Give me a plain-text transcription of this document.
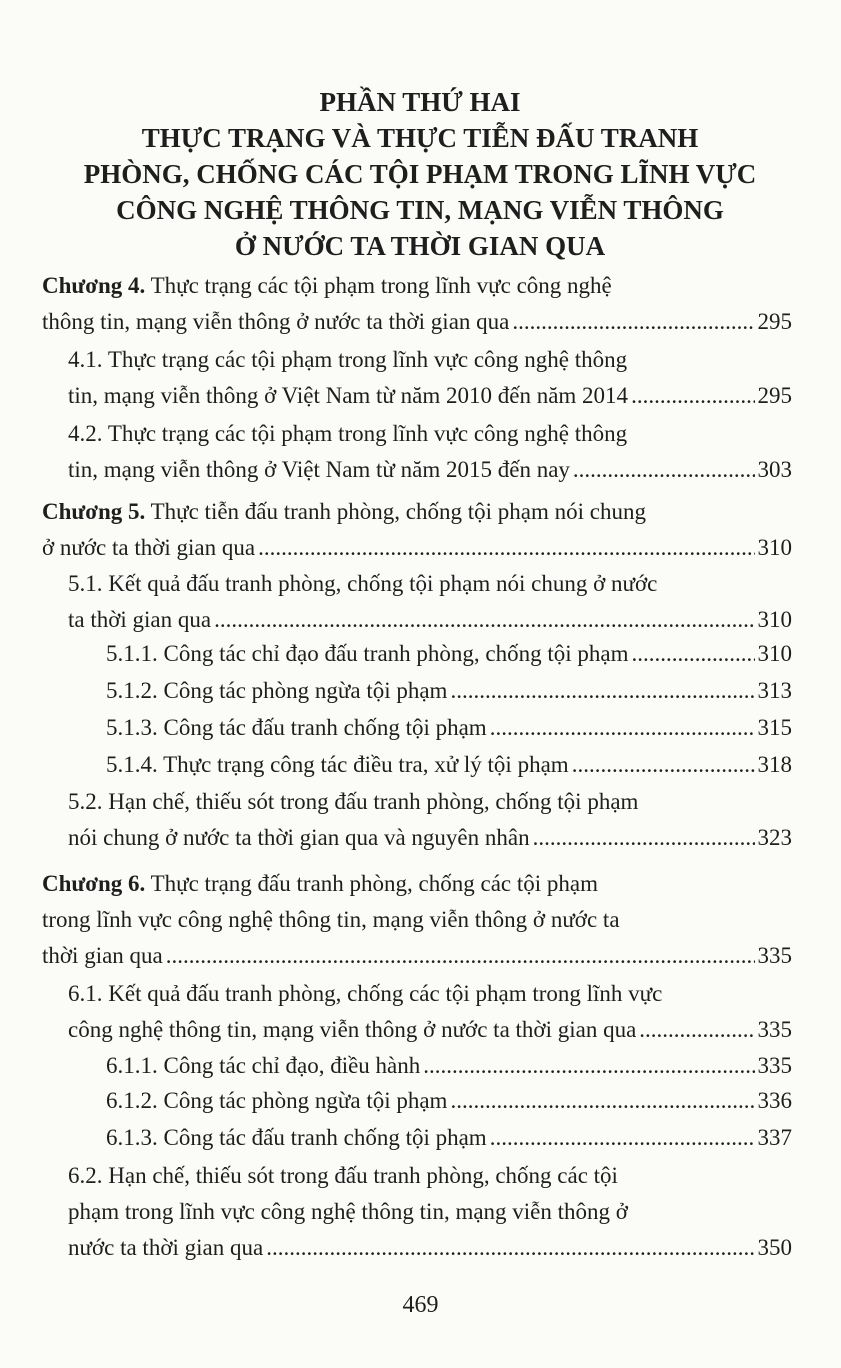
PHẦN THỨ HAI
THỰC TRẠNG VÀ THỰC TIỄN ĐẤU TRANH
PHÒNG, CHỐNG CÁC TỘI PHẠM TRONG LĨNH VỰC
CÔNG NGHỆ THÔNG TIN, MẠNG VIỄN THÔNG
Ở NƯỚC TA THỜI GIAN QUA
Chương 4. Thực trạng các tội phạm trong lĩnh vực công nghệ
thông tin, mạng viễn thông ở nước ta thời gian qua .....	295
4.1. Thực trạng các tội phạm trong lĩnh vực công nghệ thông
tin, mạng viễn thông ở Việt Nam từ năm 2010 đến năm 2014 .....	295
4.2. Thực trạng các tội phạm trong lĩnh vực công nghệ thông
tin, mạng viễn thông ở Việt Nam từ năm 2015 đến nay .....	303
Chương 5. Thực tiễn đấu tranh phòng, chống tội phạm nói chung
ở nước ta thời gian qua .....	310
5.1. Kết quả đấu tranh phòng, chống tội phạm nói chung ở nước
ta thời gian qua .....	310
5.1.1. Công tác chỉ đạo đấu tranh phòng, chống tội phạm .....	310
5.1.2. Công tác phòng ngừa tội phạm .....	313
5.1.3. Công tác đấu tranh chống tội phạm .....	315
5.1.4. Thực trạng công tác điều tra, xử lý tội phạm .....	318
5.2. Hạn chế, thiếu sót trong đấu tranh phòng, chống tội phạm
nói chung ở nước ta thời gian qua và nguyên nhân .....	323
Chương 6. Thực trạng đấu tranh phòng, chống các tội phạm
trong lĩnh vực công nghệ thông tin, mạng viễn thông ở nước ta
thời gian qua .....	335
6.1. Kết quả đấu tranh phòng, chống các tội phạm trong lĩnh vực
công nghệ thông tin, mạng viễn thông ở nước ta thời gian qua .....	335
6.1.1. Công tác chỉ đạo, điều hành .....	335
6.1.2. Công tác phòng ngừa tội phạm .....	336
6.1.3. Công tác đấu tranh chống tội phạm .....	337
6.2. Hạn chế, thiếu sót trong đấu tranh phòng, chống các tội
phạm trong lĩnh vực công nghệ thông tin, mạng viễn thông ở
nước ta thời gian qua .....	350
469
